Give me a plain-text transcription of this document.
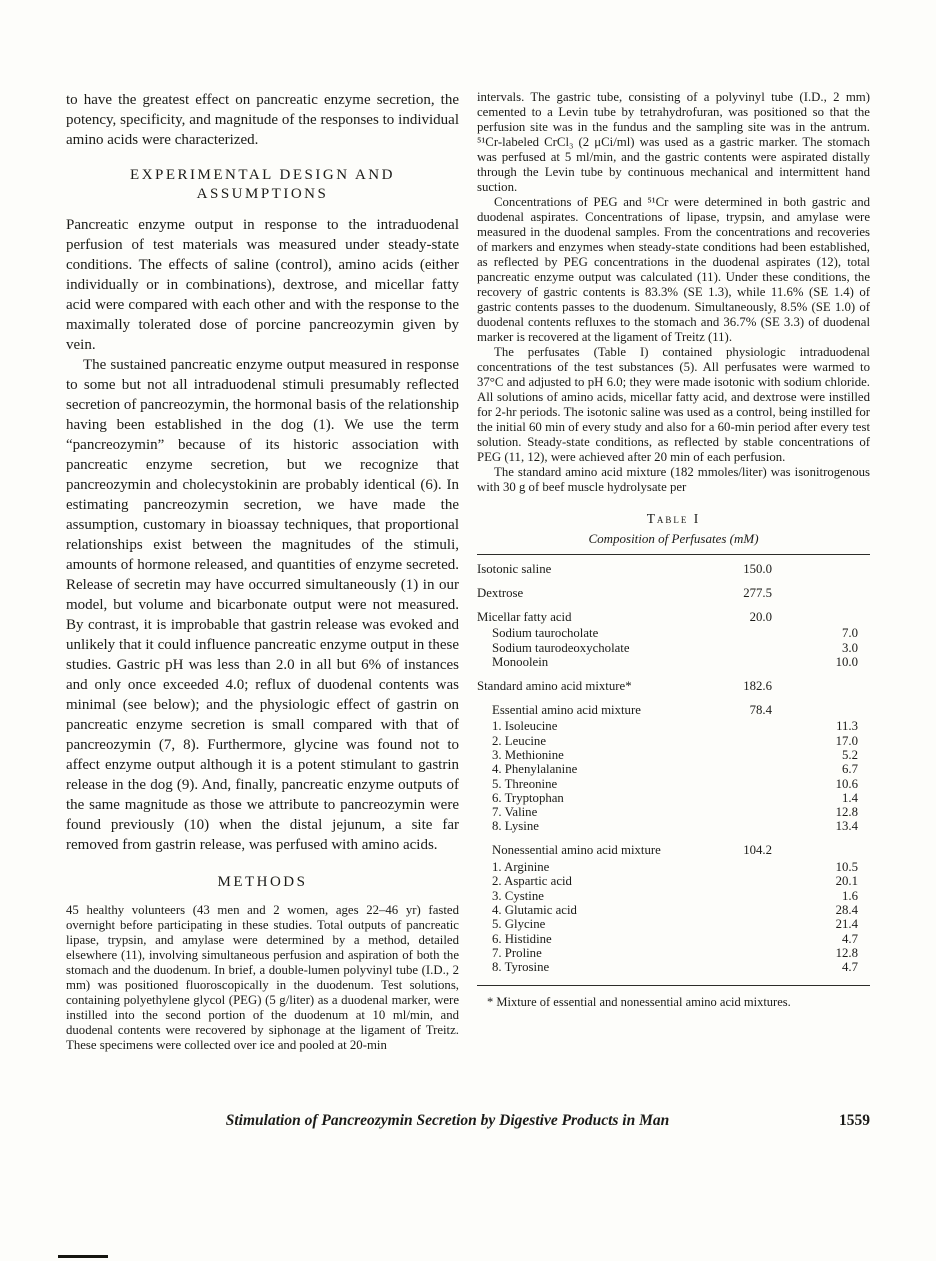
to have the greatest effect on pancreatic enzyme secretion, the potency, specificity, and magnitude of the responses to individual amino acids were characterized.

EXPERIMENTAL DESIGN AND ASSUMPTIONS

Pancreatic enzyme output in response to the intraduodenal perfusion of test materials was measured under steady-state conditions. The effects of saline (control), amino acids (either individually or in combinations), dextrose, and micellar fatty acid were compared with each other and with the response to the maximally tolerated dose of porcine pancreozymin given by vein.

The sustained pancreatic enzyme output measured in response to some but not all intraduodenal stimuli presumably reflected secretion of pancreozymin, the hormonal basis of the relationship having been established in the dog (1). We use the term “pancreozymin” because of its historic association with pancreatic enzyme secretion, but we recognize that pancreozymin and cholecystokinin are probably identical (6). In estimating pancreozymin secretion, we have made the assumption, customary in bioassay techniques, that proportional relationships exist between the magnitudes of the stimuli, amounts of hormone released, and quantities of enzyme secreted. Release of secretin may have occurred simultaneously (1) in our model, but volume and bicarbonate output were not measured. By contrast, it is improbable that gastrin release was evoked and unlikely that it could influence pancreatic enzyme output in these studies. Gastric pH was less than 2.0 in all but 6% of instances and only once exceeded 4.0; reflux of duodenal contents was minimal (see below); and the physiologic effect of gastrin on pancreatic enzyme secretion is small compared with that of pancreozymin (7, 8). Furthermore, glycine was found not to affect enzyme output although it is a potent stimulant to gastrin release in the dog (9). And, finally, pancreatic enzyme outputs of the same magnitude as those we attribute to pancreozymin were found previously (10) when the distal jejunum, a site far removed from gastrin release, was perfused with amino acids.

METHODS

45 healthy volunteers (43 men and 2 women, ages 22–46 yr) fasted overnight before participating in these studies. Total outputs of pancreatic lipase, trypsin, and amylase were determined by a method, detailed elsewhere (11), involving simultaneous perfusion and aspiration of both the stomach and the duodenum. In brief, a double-lumen polyvinyl tube (I.D., 2 mm) was positioned fluoroscopically in the duodenum. Test solutions, containing polyethylene glycol (PEG) (5 g/liter) as a duodenal marker, were instilled into the second portion of the duodenum at 10 ml/min, and duodenal contents were recovered by siphonage at the ligament of Treitz. These specimens were collected over ice and pooled at 20-min

intervals. The gastric tube, consisting of a polyvinyl tube (I.D., 2 mm) cemented to a Levin tube by tetrahydrofuran, was positioned so that the perfusion site was in the fundus and the sampling site was in the antrum. ⁵¹Cr-labeled CrCl₃ (2 μCi/ml) was used as a gastric marker. The stomach was perfused at 5 ml/min, and the gastric contents were aspirated distally through the Levin tube by continuous mechanical and intermittent hand suction.

Concentrations of PEG and ⁵¹Cr were determined in both gastric and duodenal aspirates. Concentrations of lipase, trypsin, and amylase were measured in the duodenal samples. From the concentrations and recoveries of markers and enzymes when steady-state conditions had been established, as reflected by PEG concentrations in the duodenal aspirates (12), total pancreatic enzyme output was calculated (11). Under these conditions, the recovery of gastric contents is 83.3% (SE 1.3), while 11.6% (SE 1.4) of gastric contents passes to the duodenum. Simultaneously, 8.5% (SE 1.0) of duodenal contents refluxes to the stomach and 36.7% (SE 3.3) of duodenal marker is recovered at the ligament of Treitz (11).

The perfusates (Table I) contained physiologic intraduodenal concentrations of the test substances (5). All perfusates were warmed to 37°C and adjusted to pH 6.0; they were made isotonic with sodium chloride. All solutions of amino acids, micellar fatty acid, and dextrose were instilled for 2-hr periods. The isotonic saline was used as a control, being instilled for the initial 60 min of every study and also for a 60-min period after every test solution. Steady-state conditions, as reflected by stable concentrations of PEG (11, 12), were achieved after 20 min of each perfusion.

The standard amino acid mixture (182 mmoles/liter) was isonitrogenous with 30 g of beef muscle hydrolysate per

Table I
Composition of Perfusates (mM)
Isotonic saline	150.0
Dextrose	277.5
Micellar fatty acid	20.0
Sodium taurocholate	7.0
Sodium taurodeoxycholate	3.0
Monoolein	10.0
Standard amino acid mixture*	182.6
Essential amino acid mixture	78.4
1. Isoleucine	11.3
2. Leucine	17.0
3. Methionine	5.2
4. Phenylalanine	6.7
5. Threonine	10.6
6. Tryptophan	1.4
7. Valine	12.8
8. Lysine	13.4
Nonessential amino acid mixture	104.2
1. Arginine	10.5
2. Aspartic acid	20.1
3. Cystine	1.6
4. Glutamic acid	28.4
5. Glycine	21.4
6. Histidine	4.7
7. Proline	12.8
8. Tyrosine	4.7
* Mixture of essential and nonessential amino acid mixtures.
Stimulation of Pancreozymin Secretion by Digestive Products in Man	1559
